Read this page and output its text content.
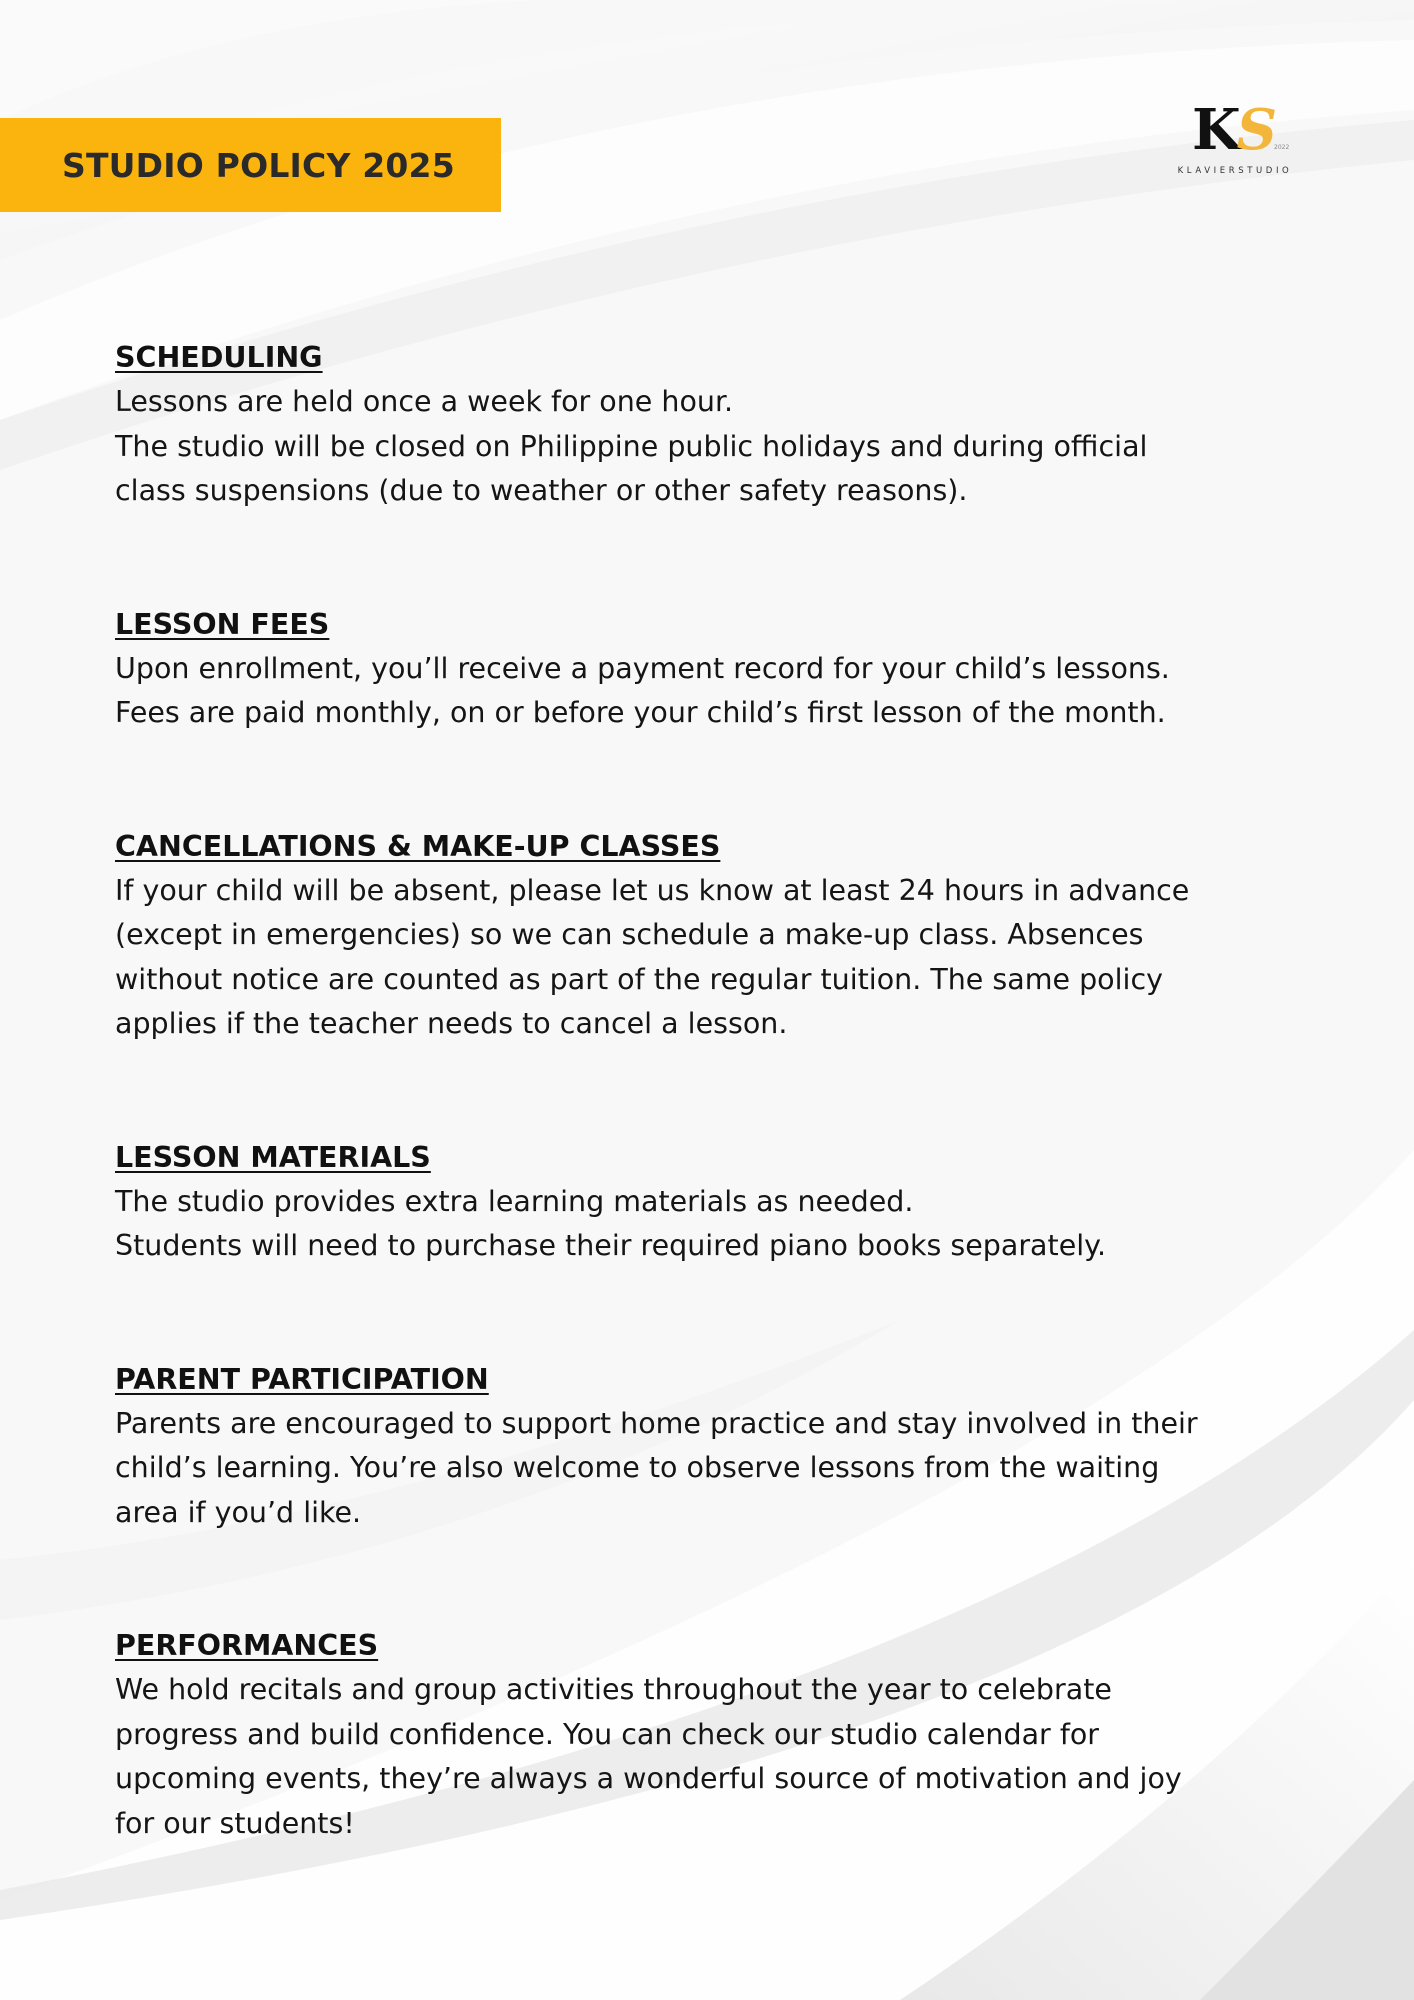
STUDIO POLICY 2025
KS
2022
KLAVIERSTUDIO
SCHEDULING
Lessons are held once a week for one hour.
The studio will be closed on Philippine public holidays and during official
class suspensions (due to weather or other safety reasons).
LESSON FEES
Upon enrollment, you’ll receive a payment record for your child’s lessons.
Fees are paid monthly, on or before your child’s first lesson of the month.
CANCELLATIONS & MAKE-UP CLASSES
If your child will be absent, please let us know at least 24 hours in advance
(except in emergencies) so we can schedule a make-up class. Absences
without notice are counted as part of the regular tuition. The same policy
applies if the teacher needs to cancel a lesson.
LESSON MATERIALS
The studio provides extra learning materials as needed.
Students will need to purchase their required piano books separately.
PARENT PARTICIPATION
Parents are encouraged to support home practice and stay involved in their
child’s learning. You’re also welcome to observe lessons from the waiting
area if you’d like.
PERFORMANCES
We hold recitals and group activities throughout the year to celebrate
progress and build confidence. You can check our studio calendar for
upcoming events, they’re always a wonderful source of motivation and joy
for our students!
